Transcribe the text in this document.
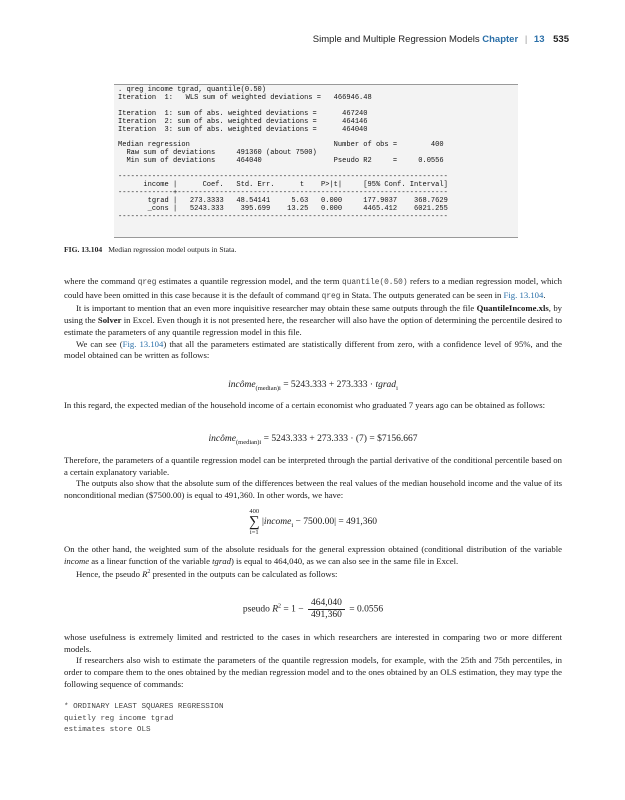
Simple and Multiple Regression Models Chapter | 13 535
. qreg income tgrad, quantile(0.50)
Iteration  1:   WLS sum of weighted deviations =   466946.48

Iteration  1: sum of abs. weighted deviations =      467240
Iteration  2: sum of abs. weighted deviations =      464146
Iteration  3: sum of abs. weighted deviations =      464040

Median regression                                  Number of obs =        400
Raw sum of deviations     491360 (about 7500)
Min sum of deviations     464040                 Pseudo R2     =     0.0556

------------------------------------------------------------------------------
income |      Coef.   Std. Err.      t    P>|t|     [95% Conf. Interval]
-------------+----------------------------------------------------------------
tgrad |   273.3333   48.54141     5.63   0.000     177.9037    368.7629
_cons |   5243.333    395.699    13.25   0.000     4465.412    6021.255
------------------------------------------------------------------------------
FIG. 13.104 Median regression model outputs in Stata.

where the command qreg estimates a quantile regression model, and the term quantile(0.50) refers to a median regression model, which could have been omitted in this case because it is the default of command qreg in Stata. The outputs generated can be seen in Fig. 13.104.

It is important to mention that an even more inquisitive researcher may obtain these same outputs through the file QuantileIncome.xls, by using the Solver in Excel. Even though it is not presented here, the researcher will also have the option of determining the percentile desired to estimate the parameters of any quantile regression model in this file.

We can see (Fig. 13.104) that all the parameters estimated are statistically different from zero, with a confidence level of 95%, and the model obtained can be written as follows:

incôme$_{(median)i}$ = 5243.333 + 273.333 · tgrad$_i$

In this regard, the expected median of the household income of a certain economist who graduated 7 years ago can be obtained as follows:

incôme$_{(median)i}$ = 5243.333 + 273.333 · (7) = $7156.667

Therefore, the parameters of a quantile regression model can be interpreted through the partial derivative of the conditional percentile based on a certain explanatory variable.

The outputs also show that the absolute sum of the differences between the real values of the median household income and the value of its nonconditional median ($7500.00) is equal to 491,360. In other words, we have:

400
∑
i=1
|income$_i$ − 7500.00| = 491,360

On the other hand, the weighted sum of the absolute residuals for the general expression obtained (conditional distribution of the variable income as a linear function of the variable tgrad) is equal to 464,040, as we can also see in the same file in Excel.

Hence, the pseudo $R^2$ presented in the outputs can be calculated as follows:

pseudo $R^2 = 1 - \frac{464,040}{491,360} = 0.0556$

whose usefulness is extremely limited and restricted to the cases in which researchers are interested in comparing two or more different models.

If researchers also wish to estimate the parameters of the quantile regression models, for example, with the 25th and 75th percentiles, in order to compare them to the ones obtained by the median regression model and to the ones obtained by an OLS estimation, they may type the following sequence of commands:

* ORDINARY LEAST SQUARES REGRESSION
quietly reg income tgrad
estimates store OLS
